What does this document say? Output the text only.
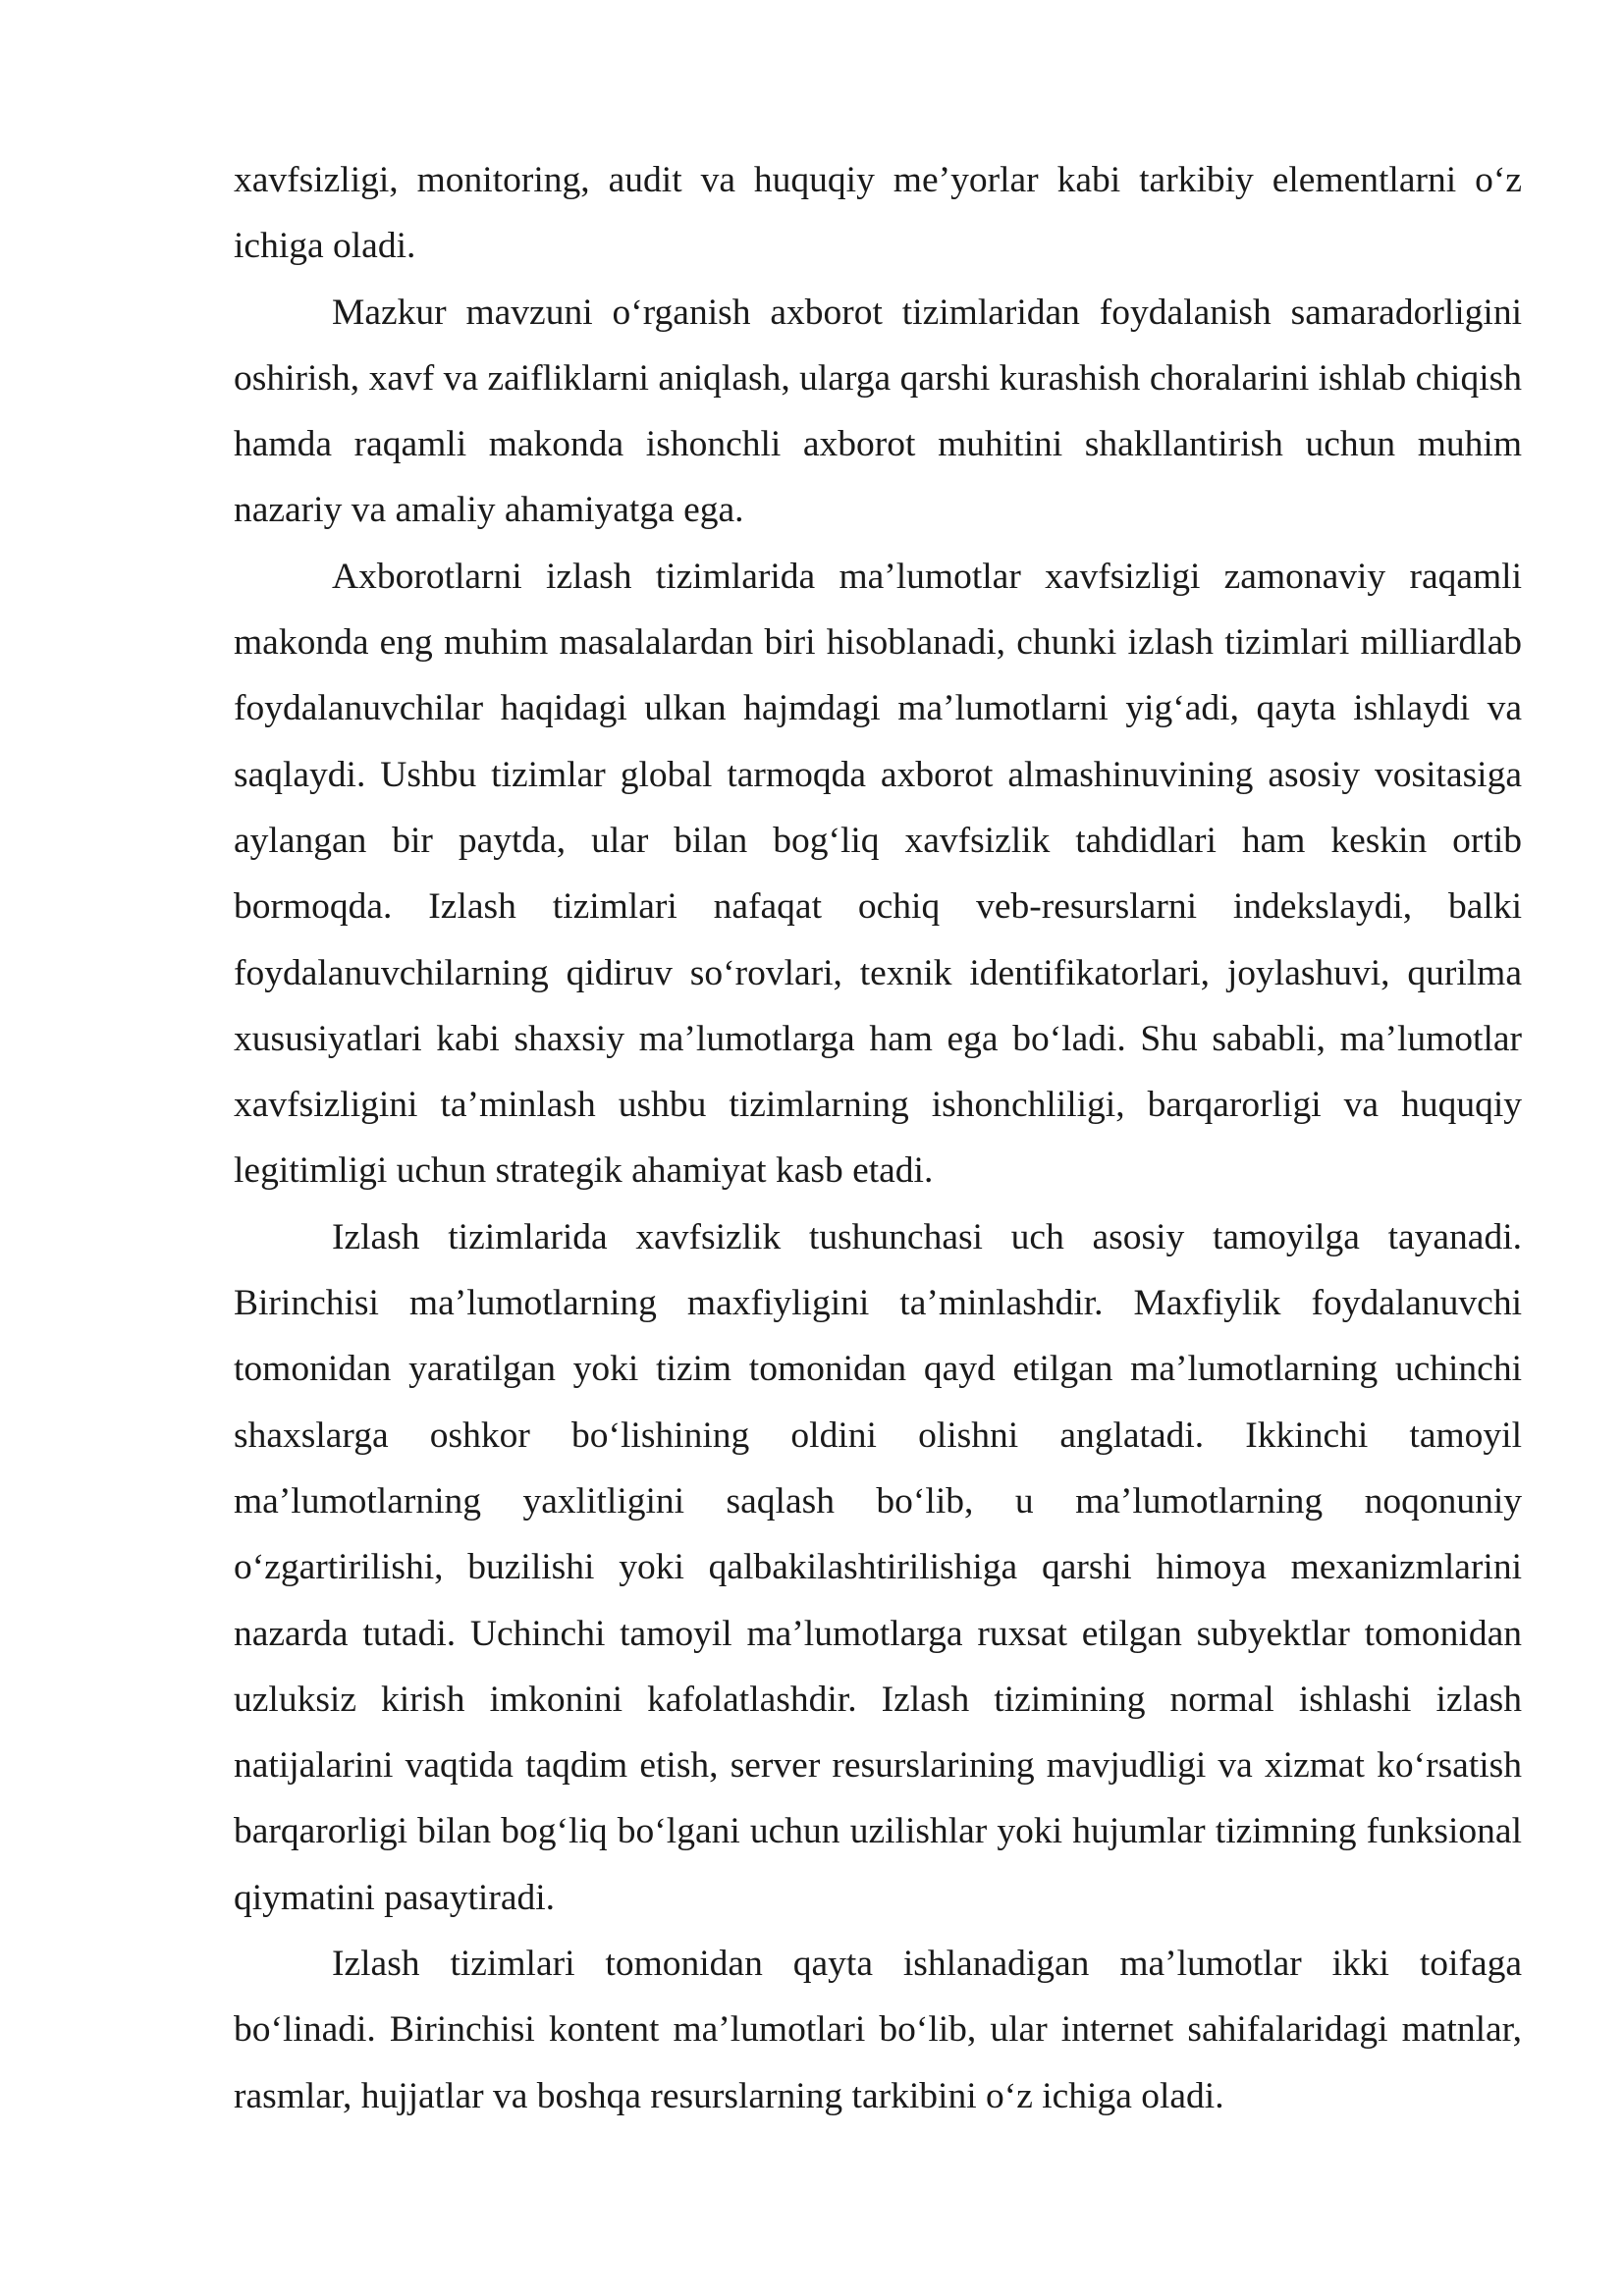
xavfsizligi, monitoring, audit va huquqiy me’yorlar kabi tarkibiy elementlarni o‘z ichiga oladi.

Mazkur mavzuni o‘rganish axborot tizimlaridan foydalanish samaradorligini oshirish, xavf va zaifliklarni aniqlash, ularga qarshi kurashish choralarini ishlab chiqish hamda raqamli makonda ishonchli axborot muhitini shakllantirish uchun muhim nazariy va amaliy ahamiyatga ega.

Axborotlarni izlash tizimlarida ma’lumotlar xavfsizligi zamonaviy raqamli makonda eng muhim masalalardan biri hisoblanadi, chunki izlash tizimlari milliardlab foydalanuvchilar haqidagi ulkan hajmdagi ma’lumotlarni yig‘adi, qayta ishlaydi va saqlaydi. Ushbu tizimlar global tarmoqda axborot almashinuvining asosiy vositasiga aylangan bir paytda, ular bilan bog‘liq xavfsizlik tahdidlari ham keskin ortib bormoqda. Izlash tizimlari nafaqat ochiq veb-resurslarni indekslaydi, balki foydalanuvchilarning qidiruv so‘rovlari, texnik identifikatorlari, joylashuvi, qurilma xususiyatlari kabi shaxsiy ma’lumotlarga ham ega bo‘ladi. Shu sababli, ma’lumotlar xavfsizligini ta’minlash ushbu tizimlarning ishonchliligi, barqarorligi va huquqiy legitimligi uchun strategik ahamiyat kasb etadi.

Izlash tizimlarida xavfsizlik tushunchasi uch asosiy tamoyilga tayanadi. Birinchisi ma’lumotlarning maxfiyligini ta’minlashdir. Maxfiylik foydalanuvchi tomonidan yaratilgan yoki tizim tomonidan qayd etilgan ma’lumotlarning uchinchi shaxslarga oshkor bo‘lishining oldini olishni anglatadi. Ikkinchi tamoyil ma’lumotlarning yaxlitligini saqlash bo‘lib, u ma’lumotlarning noqonuniy o‘zgartirilishi, buzilishi yoki qalbakilashtirilishiga qarshi himoya mexanizmlarini nazarda tutadi. Uchinchi tamoyil ma’lumotlarga ruxsat etilgan subyektlar tomonidan uzluksiz kirish imkonini kafolatlashdir. Izlash tizimining normal ishlashi izlash natijalarini vaqtida taqdim etish, server resurslarining mavjudligi va xizmat ko‘rsatish barqarorligi bilan bog‘liq bo‘lgani uchun uzilishlar yoki hujumlar tizimning funksional qiymatini pasaytiradi.

Izlash tizimlari tomonidan qayta ishlanadigan ma’lumotlar ikki toifaga bo‘linadi. Birinchisi kontent ma’lumotlari bo‘lib, ular internet sahifalaridagi matnlar, rasmlar, hujjatlar va boshqa resurslarning tarkibini o‘z ichiga oladi.
